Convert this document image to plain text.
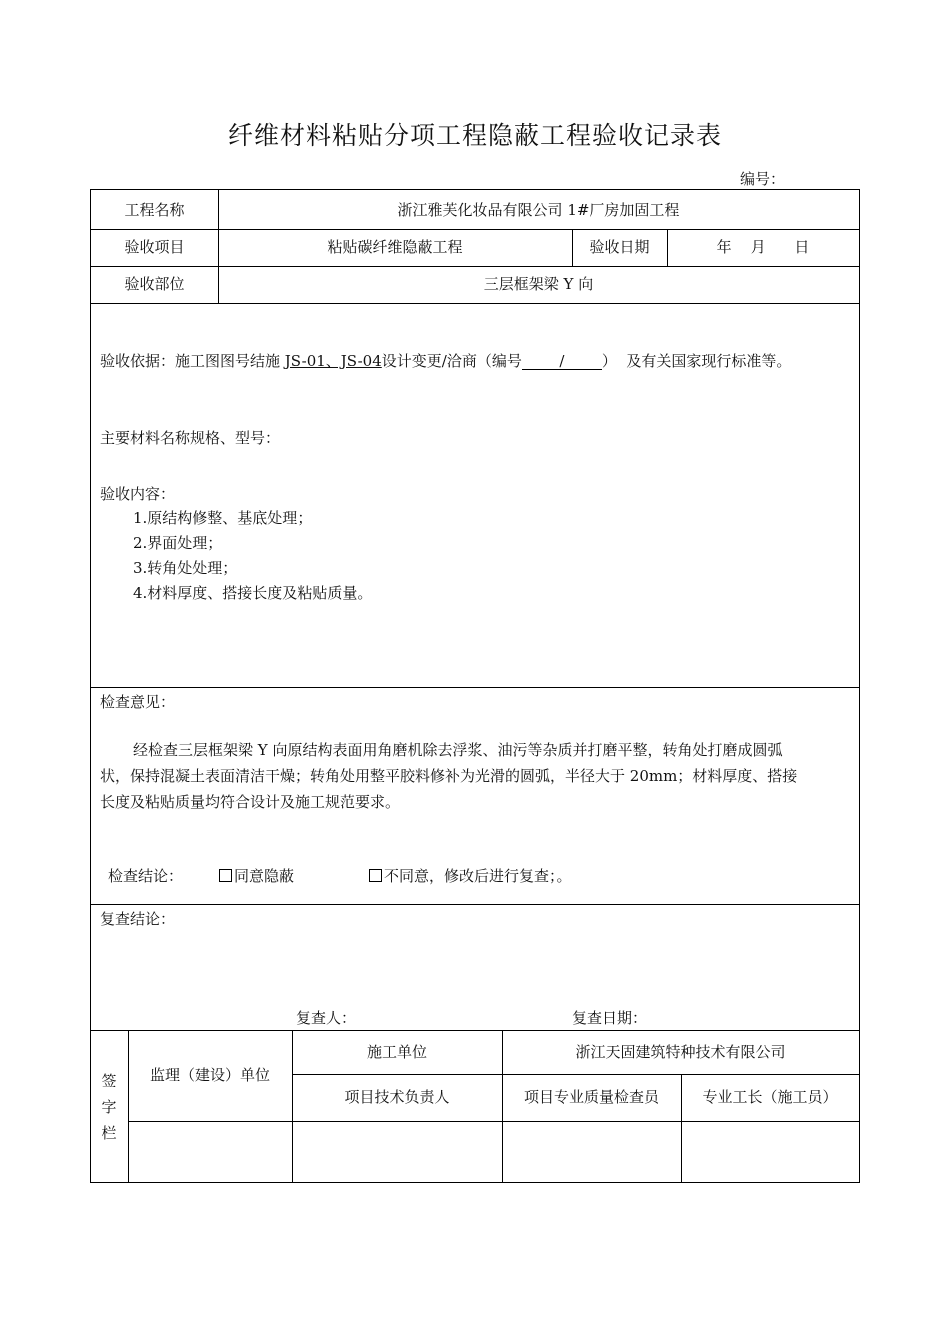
纤维材料粘贴分项工程隐蔽工程验收记录表
编号：
工程名称	浙江雅芙化妆品有限公司 1#厂房加固工程
验收项目	粘贴碳纤维隐蔽工程	验收日期	年    月      日
验收部位	三层框架梁 Y 向
验收依据：施工图图号结施 JS-01、JS-04设计变更/洽商（编号 / ）  及有关国家现行标准等。
主要材料名称规格、型号：
验收内容：
1.原结构修整、基底处理；
2.界面处理；
3.转角处处理；
4.材料厚度、搭接长度及粘贴质量。
检查意见：
经检查三层框架梁 Y 向原结构表面用角磨机除去浮浆、油污等杂质并打磨平整，转角处打磨成圆弧
状，保持混凝土表面清洁干燥；转角处用整平胶料修补为光滑的圆弧，半径大于 20mm；材料厚度、搭接
长度及粘贴质量均符合设计及施工规范要求。
检查结论：	同意隐蔽	不同意，修改后进行复查；。
复查结论：
复查人：	复查日期：
签
字
栏
监理（建设）单位
施工单位	浙江天固建筑特种技术有限公司
项目技术负责人	项目专业质量检查员	专业工长（施工员）
